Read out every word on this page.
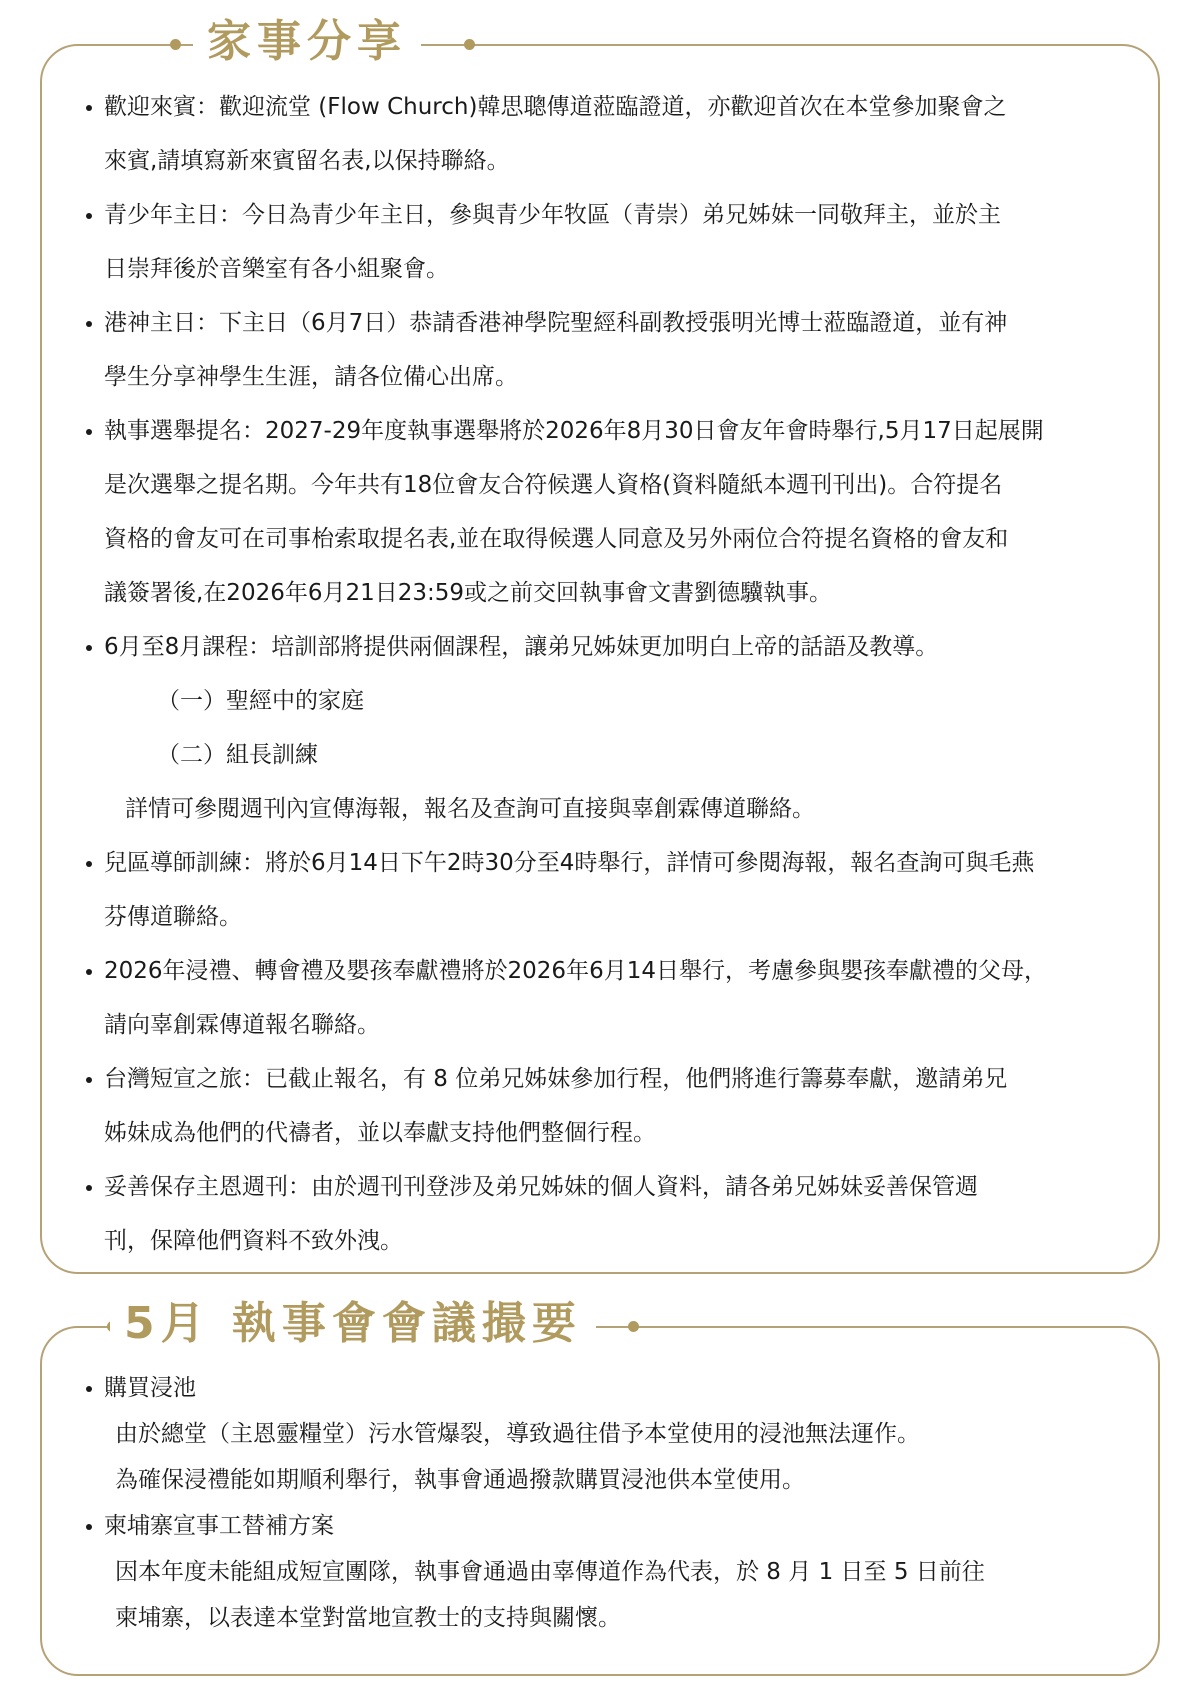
家事分享
歡迎來賓：歡迎流堂 (Flow Church)韓思聰傳道蒞臨證道，亦歡迎首次在本堂參加聚會之
來賓,請填寫新來賓留名表,以保持聯絡。
青少年主日：今日為青少年主日，參與青少年牧區（青崇）弟兄姊妹一同敬拜主，並於主
日崇拜後於音樂室有各小組聚會。
港神主日：下主日（6月7日）恭請香港神學院聖經科副教授張明光博士蒞臨證道，並有神
學生分享神學生生涯，請各位備心出席。
執事選舉提名：2027-29年度執事選舉將於2026年8月30日會友年會時舉行,5月17日起展開
是次選舉之提名期。今年共有18位會友合符候選人資格(資料隨紙本週刊刊出)。合符提名
資格的會友可在司事枱索取提名表,並在取得候選人同意及另外兩位合符提名資格的會友和
議簽署後,在2026年6月21日23:59或之前交回執事會文書劉德驥執事。
6月至8月課程：培訓部將提供兩個課程，讓弟兄姊妹更加明白上帝的話語及教導。
（一）聖經中的家庭
（二）組長訓練
詳情可參閱週刊內宣傳海報，報名及查詢可直接與辜創霖傳道聯絡。
兒區導師訓練：將於6月14日下午2時30分至4時舉行，詳情可參閱海報，報名查詢可與毛燕
芬傳道聯絡。
2026年浸禮、轉會禮及嬰孩奉獻禮將於2026年6月14日舉行，考慮參與嬰孩奉獻禮的父母，
請向辜創霖傳道報名聯絡。
台灣短宣之旅：已截止報名，有 8 位弟兄姊妹參加行程，他們將進行籌募奉獻，邀請弟兄
姊妹成為他們的代禱者，並以奉獻支持他們整個行程。
妥善保存主恩週刊：由於週刊刊登涉及弟兄姊妹的個人資料，請各弟兄姊妹妥善保管週
刊，保障他們資料不致外洩。
5月 執事會會議撮要
購買浸池
由於總堂（主恩靈糧堂）污水管爆裂，導致過往借予本堂使用的浸池無法運作。
為確保浸禮能如期順利舉行，執事會通過撥款購買浸池供本堂使用。
柬埔寨宣事工替補方案
因本年度未能組成短宣團隊，執事會通過由辜傳道作為代表，於 8 月 1 日至 5 日前往
柬埔寨，以表達本堂對當地宣教士的支持與關懷。
